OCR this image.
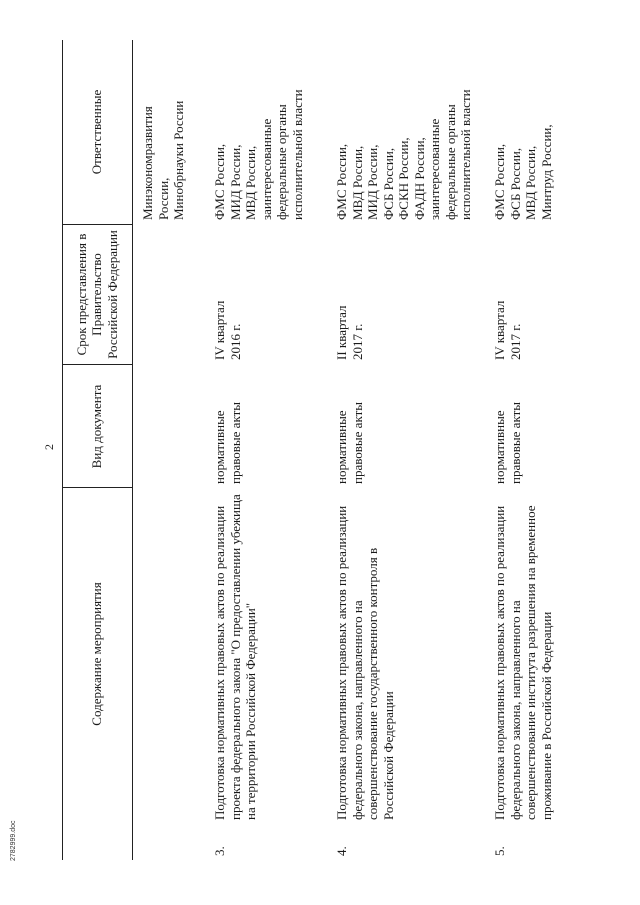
2
Содержание мероприятия
Вид документа
Срок представления в Правительство Российской Федерации
Ответственные	Минэкономразвития
России,
Минобрнауки России
3.
Подготовка нормативных правовых актов по реализации проекта федерального закона "О предоставлении убежища на территории Российской Федерации"
нормативные правовые акты
IV квартал
2016 г.
ФМС России,
МИД России,
МВД России,
заинтересованные
федеральные органы
исполнительной власти
4.
Подготовка нормативных правовых актов по реализации федерального закона, направленного на совершенствование государственного контроля в Российской Федерации
нормативные правовые акты
II квартал
2017 г.
ФМС России,
МВД России,
МИД России,
ФСБ России,
ФСКН России,
ФАДН России,
заинтересованные
федеральные органы
исполнительной власти
5.
Подготовка нормативных правовых актов по реализации федерального закона, направленного на совершенствование института разрешения на временное проживание в Российской Федерации
нормативные правовые акты
IV квартал
2017 г.
ФМС России,
ФСБ России,
МВД России,
Минтруд России,
2782999.doc
